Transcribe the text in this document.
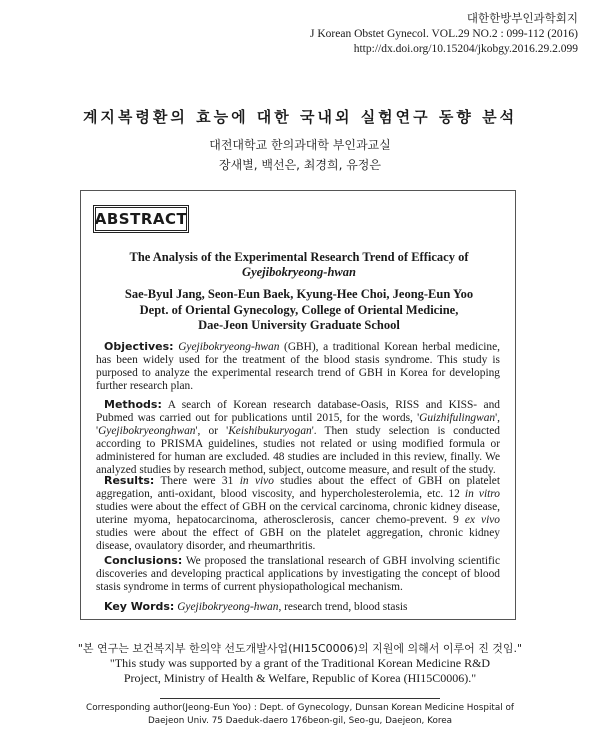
대한한방부인과학회지
J Korean Obstet Gynecol. VOL.29 NO.2 : 099-112 (2016)
http://dx.doi.org/10.15204/jkobgy.2016.29.2.099
계지복령환의 효능에 대한 국내외 실험연구 동향 분석
대전대학교 한의과대학 부인과교실
장새별, 백선은, 최경희, 유정은
ABSTRACT
The Analysis of the Experimental Research Trend of Efficacy of
Gyejibokryeong-hwan
Sae-Byul Jang, Seon-Eun Baek, Kyung-Hee Choi, Jeong-Eun Yoo
Dept. of Oriental Gynecology, College of Oriental Medicine,
Dae-Jeon University Graduate School
Objectives: Gyejibokryeong-hwan (GBH), a traditional Korean herbal medicine, has been widely used for the treatment of the blood stasis syndrome. This study is purposed to analyze the experimental research trend of GBH in Korea for developing further research plan.
Methods: A search of Korean research database-Oasis, RISS and KISS- and Pubmed was carried out for publications until 2015, for the words, 'Guizhifulingwan', 'Gyejibokryeonghwan', or 'Keishibukuryogan'. Then study selection is conducted according to PRISMA guidelines, studies not related or using modified formula or administered for human are excluded. 48 studies are included in this review, finally. We analyzed studies by research method, subject, outcome measure, and result of the study.
Results: There were 31 in vivo studies about the effect of GBH on platelet aggregation, anti-oxidant, blood viscosity, and hypercholesterolemia, etc. 12 in vitro studies were about the effect of GBH on the cervical carcinoma, chronic kidney disease, uterine myoma, hepatocarcinoma, atherosclerosis, cancer chemo-prevent. 9 ex vivo studies were about the effect of GBH on the platelet aggregation, chronic kidney disease, ovaulatory disorder, and rheumarthritis.
Conclusions: We proposed the translational research of GBH involving scientific discoveries and developing practical applications by investigating the concept of blood stasis syndrome in terms of current physiopathological mechanism.
Key Words: Gyejibokryeong-hwan, research trend, blood stasis
"본 연구는 보건복지부 한의약 선도개발사업(HI15C0006)의 지원에 의해서 이루어 진 것임."
"This study was supported by a grant of the Traditional Korean Medicine R&D
Project, Ministry of Health & Welfare, Republic of Korea (HI15C0006)."
Corresponding author(Jeong-Eun Yoo) : Dept. of Gynecology, Dunsan Korean Medicine Hospital of
Daejeon Univ. 75 Daeduk-daero 176beon-gil, Seo-gu, Daejeon, Korea
